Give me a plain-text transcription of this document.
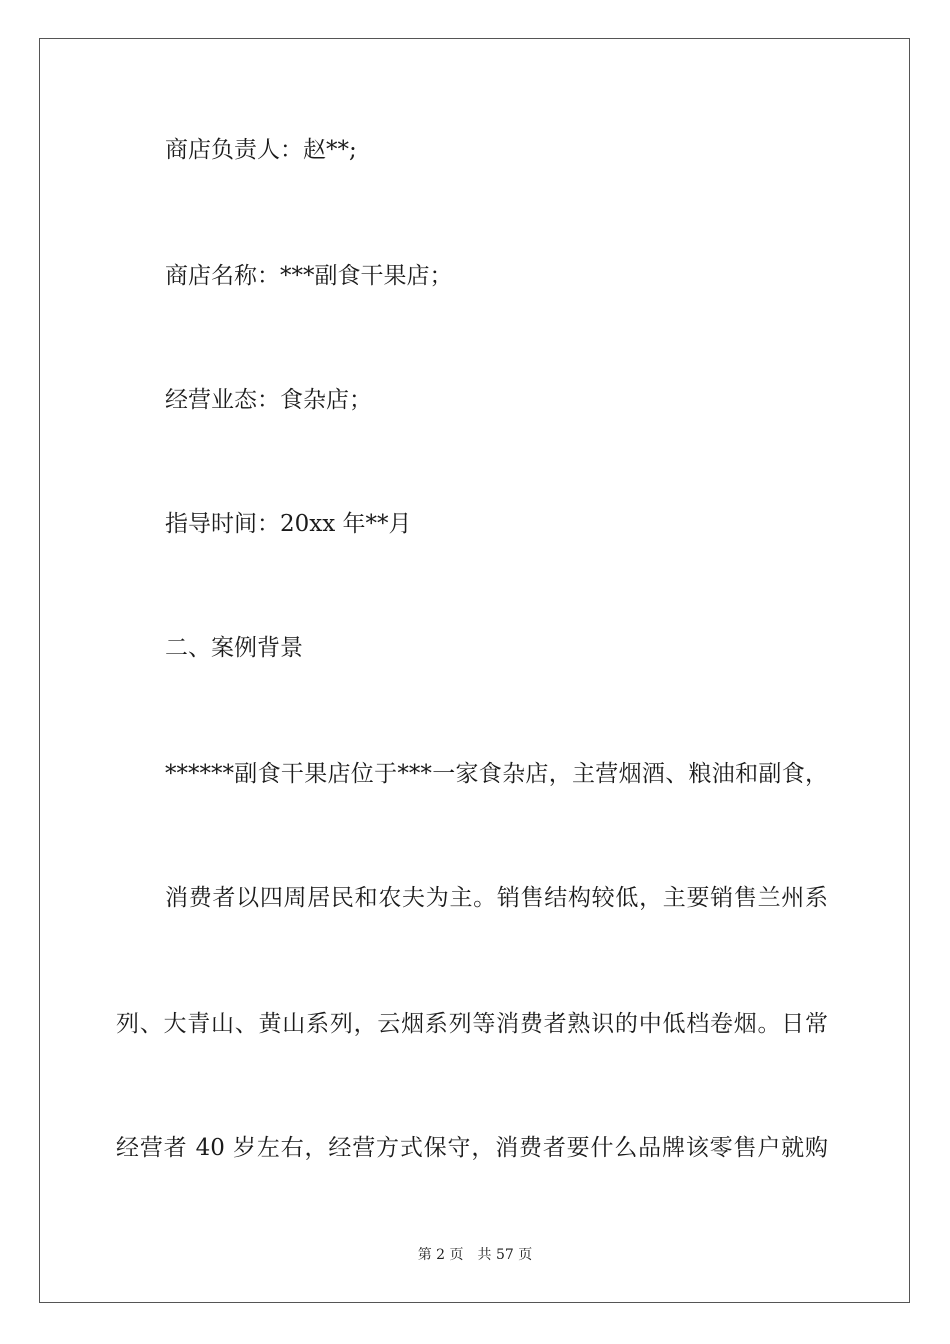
商店负责人：赵**;
商店名称：***副食干果店；
经营业态：食杂店；
指导时间：20xx 年**月
二、案例背景
******副食干果店位于***一家食杂店，主营烟酒、粮油和副食，
消费者以四周居民和农夫为主。销售结构较低，主要销售兰州系
列、大青山、黄山系列，云烟系列等消费者熟识的中低档卷烟。日常
经营者 40 岁左右，经营方式保守，消费者要什么品牌该零售户就购
第 2 页 共 57 页
